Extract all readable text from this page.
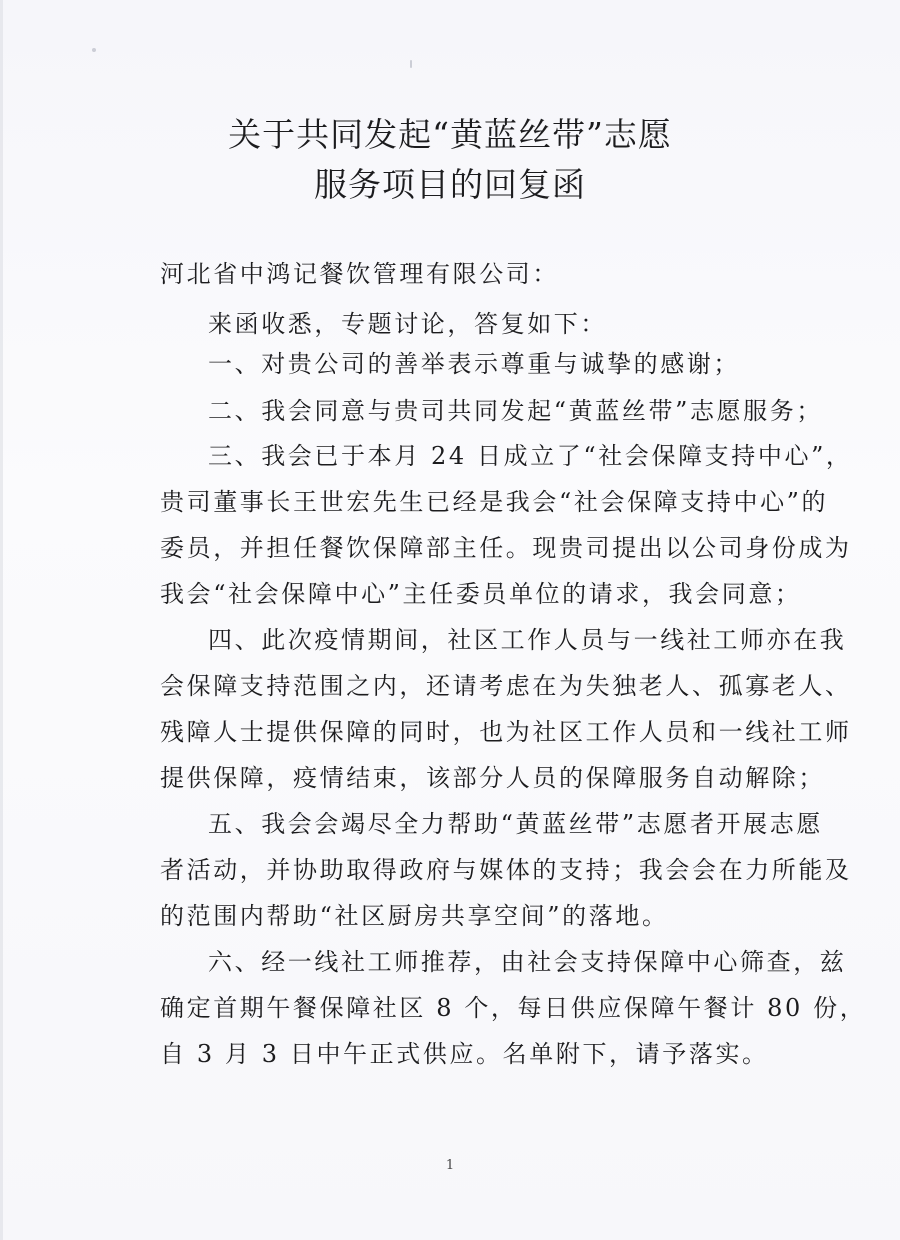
关于共同发起“黄蓝丝带”志愿
服务项目的回复函
河北省中鸿记餐饮管理有限公司：
来函收悉，专题讨论，答复如下：
一、对贵公司的善举表示尊重与诚挚的感谢；
二、我会同意与贵司共同发起“黄蓝丝带”志愿服务；
三、我会已于本月 24 日成立了“社会保障支持中心”，
贵司董事长王世宏先生已经是我会“社会保障支持中心”的
委员，并担任餐饮保障部主任。现贵司提出以公司身份成为
我会“社会保障中心”主任委员单位的请求，我会同意；
四、此次疫情期间，社区工作人员与一线社工师亦在我
会保障支持范围之内，还请考虑在为失独老人、孤寡老人、
残障人士提供保障的同时，也为社区工作人员和一线社工师
提供保障，疫情结束，该部分人员的保障服务自动解除；
五、我会会竭尽全力帮助“黄蓝丝带”志愿者开展志愿
者活动，并协助取得政府与媒体的支持；我会会在力所能及
的范围内帮助“社区厨房共享空间”的落地。
六、经一线社工师推荐，由社会支持保障中心筛查，兹
确定首期午餐保障社区 8 个，每日供应保障午餐计 80 份，
自 3 月 3 日中午正式供应。名单附下，请予落实。
1
